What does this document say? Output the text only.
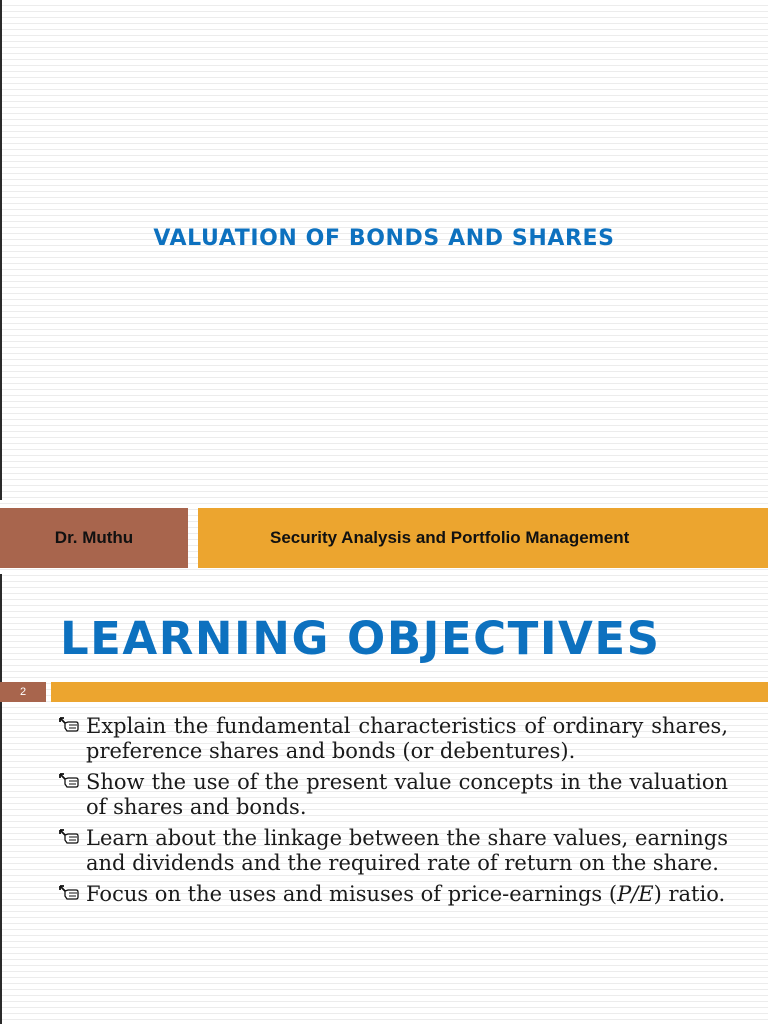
VALUATION OF BONDS AND SHARES
Dr. Muthu	Security Analysis and Portfolio Management
LEARNING OBJECTIVES
2
Explain the fundamental characteristics of ordinary shares, preference shares and bonds (or debentures).
Show the use of the present value concepts in the valuation of shares and bonds.
Learn about the linkage between the share values, earnings and dividends and the required rate of return on the share.
Focus on the uses and misuses of price-earnings (P/E) ratio.
